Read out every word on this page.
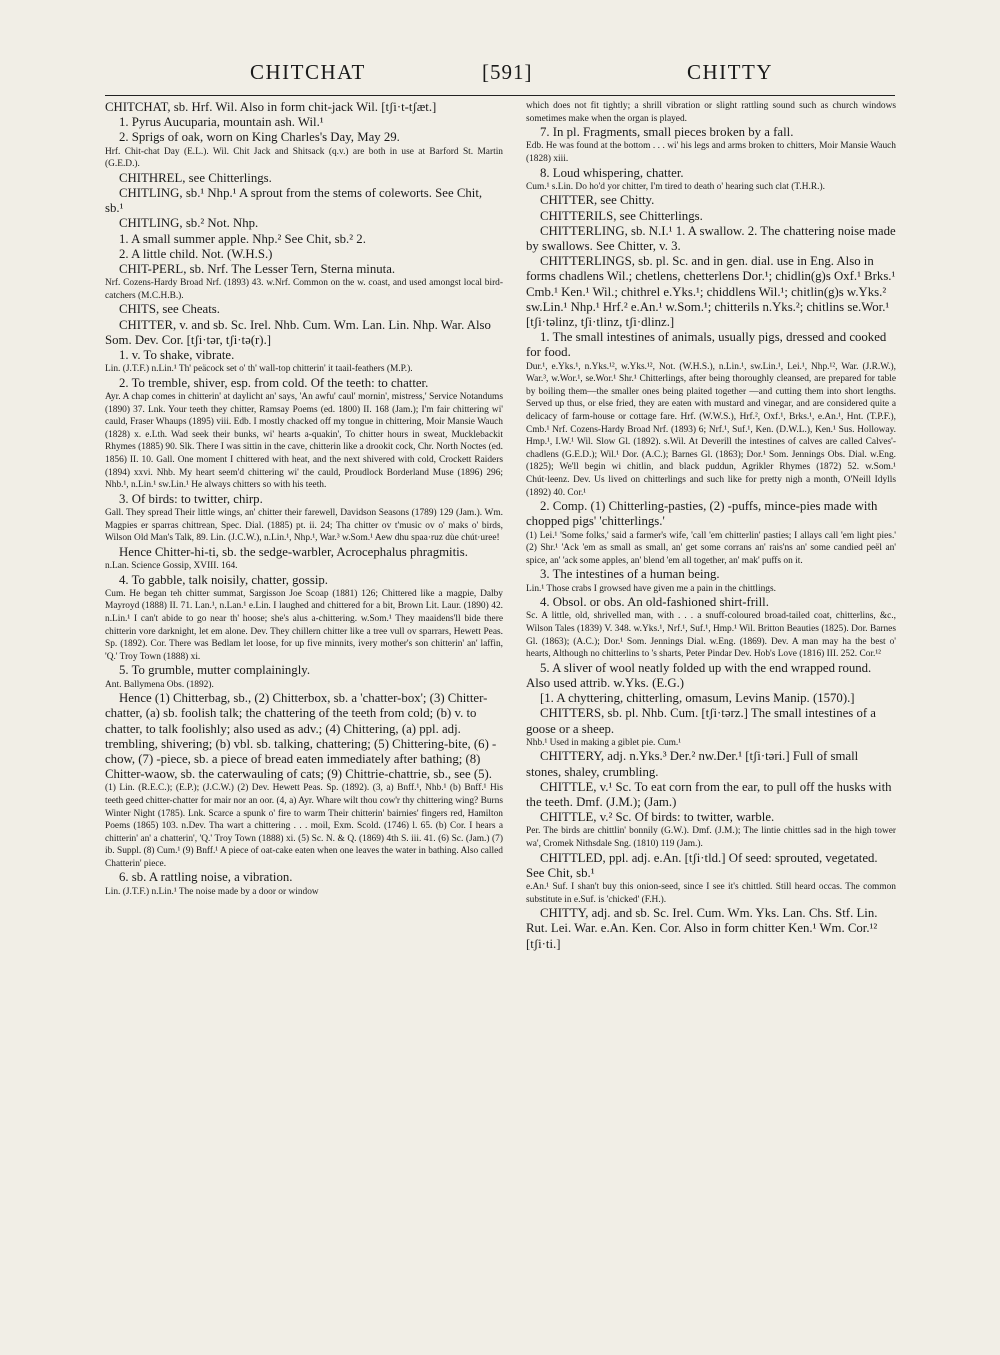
CHITCHAT	[591]	CHITTY

CHITCHAT, sb. Hrf. Wil. Also in form chit-jack Wil. [tʃi·t-tʃæt.]

1. Pyrus Aucuparia, mountain ash. Wil.¹

2. Sprigs of oak, worn on King Charles's Day, May 29.

Hrf. Chit-chat Day (E.L.). Wil. Chit Jack and Shitsack (q.v.) are both in use at Barford St. Martin (G.E.D.).

CHITHREL, see Chitterlings.

CHITLING, sb.¹ Nhp.¹ A sprout from the stems of coleworts. See Chit, sb.¹

CHITLING, sb.² Not. Nhp.

1. A small summer apple. Nhp.² See Chit, sb.² 2.

2. A little child. Not. (W.H.S.)

CHIT-PERL, sb. Nrf. The Lesser Tern, Sterna minuta.

Nrf. Cozens-Hardy Broad Nrf. (1893) 43. w.Nrf. Common on the w. coast, and used amongst local bird-catchers (M.C.H.B.).

CHITS, see Cheats.

CHITTER, v. and sb. Sc. Irel. Nhb. Cum. Wm. Lan. Lin. Nhp. War. Also Som. Dev. Cor. [tʃi·tər, tʃi·tə(r).]

1. v. To shake, vibrate.

Lin. (J.T.F.) n.Lin.¹ Th' peäcock set o' th' wall-top chitterin' it taail-feathers (M.P.).

2. To tremble, shiver, esp. from cold. Of the teeth: to chatter.

Ayr. A chap comes in chitterin' at daylicht an' says, 'An awfu' caul' mornin', mistress,' Service Notandums (1890) 37. Lnk. Your teeth they chitter, Ramsay Poems (ed. 1800) II. 168 (Jam.); I'm fair chittering wi' cauld, Fraser Whaups (1895) viii. Edb. I mostly chacked off my tongue in chittering, Moir Mansie Wauch (1828) x. e.Lth. Wad seek their bunks, wi' hearts a-quakin', To chitter hours in sweat, Mucklebackit Rhymes (1885) 90. Slk. There I was sittin in the cave, chitterin like a drookit cock, Chr. North Noctes (ed. 1856) II. 10. Gall. One moment I chittered with heat, and the next shivered with cold, Crockett Raiders (1894) xxvi. Nhb. My heart seem'd chittering wi' the cauld, Proudlock Borderland Muse (1896) 296; Nhb.¹, n.Lin.¹ sw.Lin.¹ He always chitters so with his teeth.

3. Of birds: to twitter, chirp.

Gall. They spread Their little wings, an' chitter their farewell, Davidson Seasons (1789) 129 (Jam.). Wm. Magpies er sparras chittrean, Spec. Dial. (1885) pt. ii. 24; Tha chitter ov t'music ov o' maks o' birds, Wilson Old Man's Talk, 89. Lin. (J.C.W.), n.Lin.¹, Nhp.¹, War.³ w.Som.¹ Aew dhu spaa·ruz dùe chút·uree!

Hence Chitter-hi-ti, sb. the sedge-warbler, Acrocephalus phragmitis.

n.Lan. Science Gossip, XVIII. 164.

4. To gabble, talk noisily, chatter, gossip.

Cum. He began teh chitter summat, Sargisson Joe Scoap (1881) 126; Chittered like a magpie, Dalby Mayroyd (1888) II. 71. Lan.¹, n.Lan.¹ e.Lin. I laughed and chittered for a bit, Brown Lit. Laur. (1890) 42. n.Lin.¹ I can't abide to go near th' hoose; she's alus a-chittering. w.Som.¹ They maaidens'll bide there chitterin vore darknight, let em alone. Dev. They chillern chitter like a tree vull ov sparrars, Hewett Peas. Sp. (1892). Cor. There was Bedlam let loose, for up five minnits, ivery mother's son chitterin' an' laffin, 'Q.' Troy Town (1888) xi.

5. To grumble, mutter complainingly.

Ant. Ballymena Obs. (1892).

Hence (1) Chitterbag, sb., (2) Chitterbox, sb. a 'chatter-box'; (3) Chitter-chatter, (a) sb. foolish talk; the chattering of the teeth from cold; (b) v. to chatter, to talk foolishly; also used as adv.; (4) Chittering, (a) ppl. adj. trembling, shivering; (b) vbl. sb. talking, chattering; (5) Chittering-bite, (6) -chow, (7) -piece, sb. a piece of bread eaten immediately after bathing; (8) Chitter-waow, sb. the caterwauling of cats; (9) Chittrie-chattrie, sb., see (5).

(1) Lin. (R.E.C.); (E.P.); (J.C.W.) (2) Dev. Hewett Peas. Sp. (1892). (3, a) Bnff.¹, Nhb.¹ (b) Bnff.¹ His teeth geed chitter-chatter for mair nor an oor. (4, a) Ayr. Whare wilt thou cow'r thy chittering wing? Burns Winter Night (1785). Lnk. Scarce a spunk o' fire to warm Their chitterin' bairnies' fingers red, Hamilton Poems (1865) 103. n.Dev. Tha wart a chittering . . . moil, Exm. Scold. (1746) l. 65. (b) Cor. I hears a chitterin' an' a chatterin', 'Q.' Troy Town (1888) xi. (5) Sc. N. & Q. (1869) 4th S. iii. 41. (6) Sc. (Jam.) (7) ib. Suppl. (8) Cum.¹ (9) Bnff.¹ A piece of oat-cake eaten when one leaves the water in bathing. Also called Chatterin' piece.

6. sb. A rattling noise, a vibration.

Lin. (J.T.F.) n.Lin.¹ The noise made by a door or window

which does not fit tightly; a shrill vibration or slight rattling sound such as church windows sometimes make when the organ is played.

7. In pl. Fragments, small pieces broken by a fall.

Edb. He was found at the bottom . . . wi' his legs and arms broken to chitters, Moir Mansie Wauch (1828) xiii.

8. Loud whispering, chatter.

Cum.¹ s.Lin. Do ho'd yor chitter, I'm tired to death o' hearing such clat (T.H.R.).

CHITTER, see Chitty.

CHITTERILS, see Chitterlings.

CHITTERLING, sb. N.I.¹ 1. A swallow. 2. The chattering noise made by swallows. See Chitter, v. 3.

CHITTERLINGS, sb. pl. Sc. and in gen. dial. use in Eng. Also in forms chadlens Wil.; chetlens, chetterlens Dor.¹; chidlin(g)s Oxf.¹ Brks.¹ Cmb.¹ Ken.¹ Wil.; chithrel e.Yks.¹; chiddlens Wil.¹; chitlin(g)s w.Yks.² sw.Lin.¹ Nhp.¹ Hrf.² e.An.¹ w.Som.¹; chitterils n.Yks.²; chitlins se.Wor.¹ [tʃi·tǝlinz, tʃi·tlinz, tʃi·dlinz.]

1. The small intestines of animals, usually pigs, dressed and cooked for food.

Dur.¹, e.Yks.¹, n.Yks.¹², w.Yks.¹², Not. (W.H.S.), n.Lin.¹, sw.Lin.¹, Lei.¹, Nhp.¹², War. (J.R.W.), War.³, w.Wor.¹, se.Wor.¹ Shr.¹ Chitterlings, after being thoroughly cleansed, are prepared for table by boiling them—the smaller ones being plaited together —and cutting them into short lengths. Served up thus, or else fried, they are eaten with mustard and vinegar, and are considered quite a delicacy of farm-house or cottage fare. Hrf. (W.W.S.), Hrf.², Oxf.¹, Brks.¹, e.An.¹, Hnt. (T.P.F.), Cmb.¹ Nrf. Cozens-Hardy Broad Nrf. (1893) 6; Nrf.¹, Suf.¹, Ken. (D.W.L.), Ken.¹ Sus. Holloway. Hmp.¹, I.W.¹ Wil. Slow Gl. (1892). s.Wil. At Deverill the intestines of calves are called Calves'-chadlens (G.E.D.); Wil.¹ Dor. (A.C.); Barnes Gl. (1863); Dor.¹ Som. Jennings Obs. Dial. w.Eng. (1825); We'll begin wi chitlin, and black puddun, Agrikler Rhymes (1872) 52. w.Som.¹ Chút·leenz. Dev. Us lived on chitterlings and such like for pretty nigh a month, O'Neill Idylls (1892) 40. Cor.¹

2. Comp. (1) Chitterling-pasties, (2) -puffs, mince-pies made with chopped pigs' 'chitterlings.'

(1) Lei.¹ 'Some folks,' said a farmer's wife, 'call 'em chitterlin' pasties; I allays call 'em light pies.' (2) Shr.¹ 'Ack 'em as small as small, an' get some corrans an' rais'ns an' some candied peël an' spice, an' 'ack some apples, an' blend 'em all together, an' mak' puffs on it.

3. The intestines of a human being.

Lin.¹ Those crabs I growsed have given me a pain in the chittlings.

4. Obsol. or obs. An old-fashioned shirt-frill.

Sc. A little, old, shrivelled man, with . . . a snuff-coloured broad-tailed coat, chitterlins, &c., Wilson Tales (1839) V. 348. w.Yks.¹, Nrf.¹, Suf.¹, Hmp.¹ Wil. Britton Beauties (1825). Dor. Barnes Gl. (1863); (A.C.); Dor.¹ Som. Jennings Dial. w.Eng. (1869). Dev. A man may ha the best o' hearts, Although no chitterlins to 's sharts, Peter Pindar Dev. Hob's Love (1816) III. 252. Cor.¹²

5. A sliver of wool neatly folded up with the end wrapped round. Also used attrib. w.Yks. (E.G.)

[1. A chyttering, chitterling, omasum, Levins Manip. (1570).]

CHITTERS, sb. pl. Nhb. Cum. [tʃi·tərz.] The small intestines of a goose or a sheep.

Nhb.¹ Used in making a giblet pie. Cum.¹

CHITTERY, adj. n.Yks.³ Der.² nw.Der.¹ [tʃi·təri.] Full of small stones, shaley, crumbling.

CHITTLE, v.¹ Sc. To eat corn from the ear, to pull off the husks with the teeth. Dmf. (J.M.); (Jam.)

CHITTLE, v.² Sc. Of birds: to twitter, warble.

Per. The birds are chittlin' bonnily (G.W.). Dmf. (J.M.); The lintie chittles sad in the high tower wa', Cromek Nithsdale Sng. (1810) 119 (Jam.).

CHITTLED, ppl. adj. e.An. [tʃi·tld.] Of seed: sprouted, vegetated. See Chit, sb.¹

e.An.¹ Suf. I shan't buy this onion-seed, since I see it's chittled. Still heard occas. The common substitute in e.Suf. is 'chicked' (F.H.).

CHITTY, adj. and sb. Sc. Irel. Cum. Wm. Yks. Lan. Chs. Stf. Lin. Rut. Lei. War. e.An. Ken. Cor. Also in form chitter Ken.¹ Wm. Cor.¹² [tʃi·ti.]
